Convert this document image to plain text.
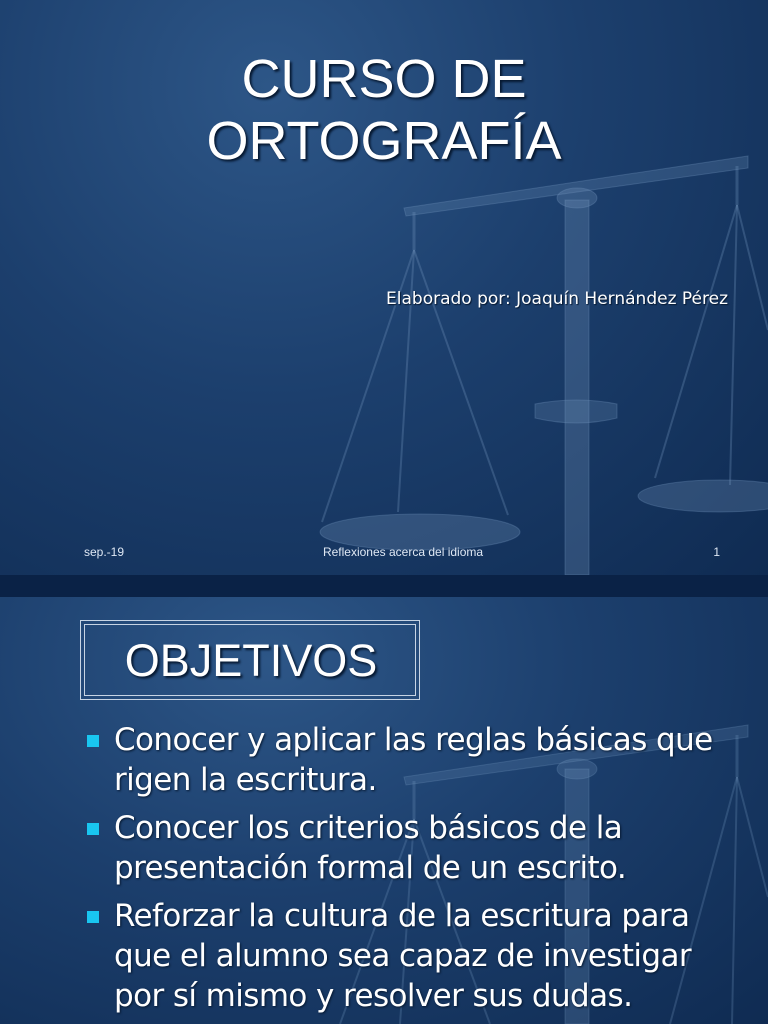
CURSO DE
ORTOGRAFÍA
Elaborado por: Joaquín Hernández Pérez
sep.-19	Reflexiones acerca del idioma	1
OBJETIVOS
Conocer y aplicar las reglas básicas que rigen la escritura.
Conocer los criterios básicos de la presentación formal de un escrito.
Reforzar la cultura de la escritura para que el alumno sea capaz de investigar por sí mismo y resolver sus dudas.
